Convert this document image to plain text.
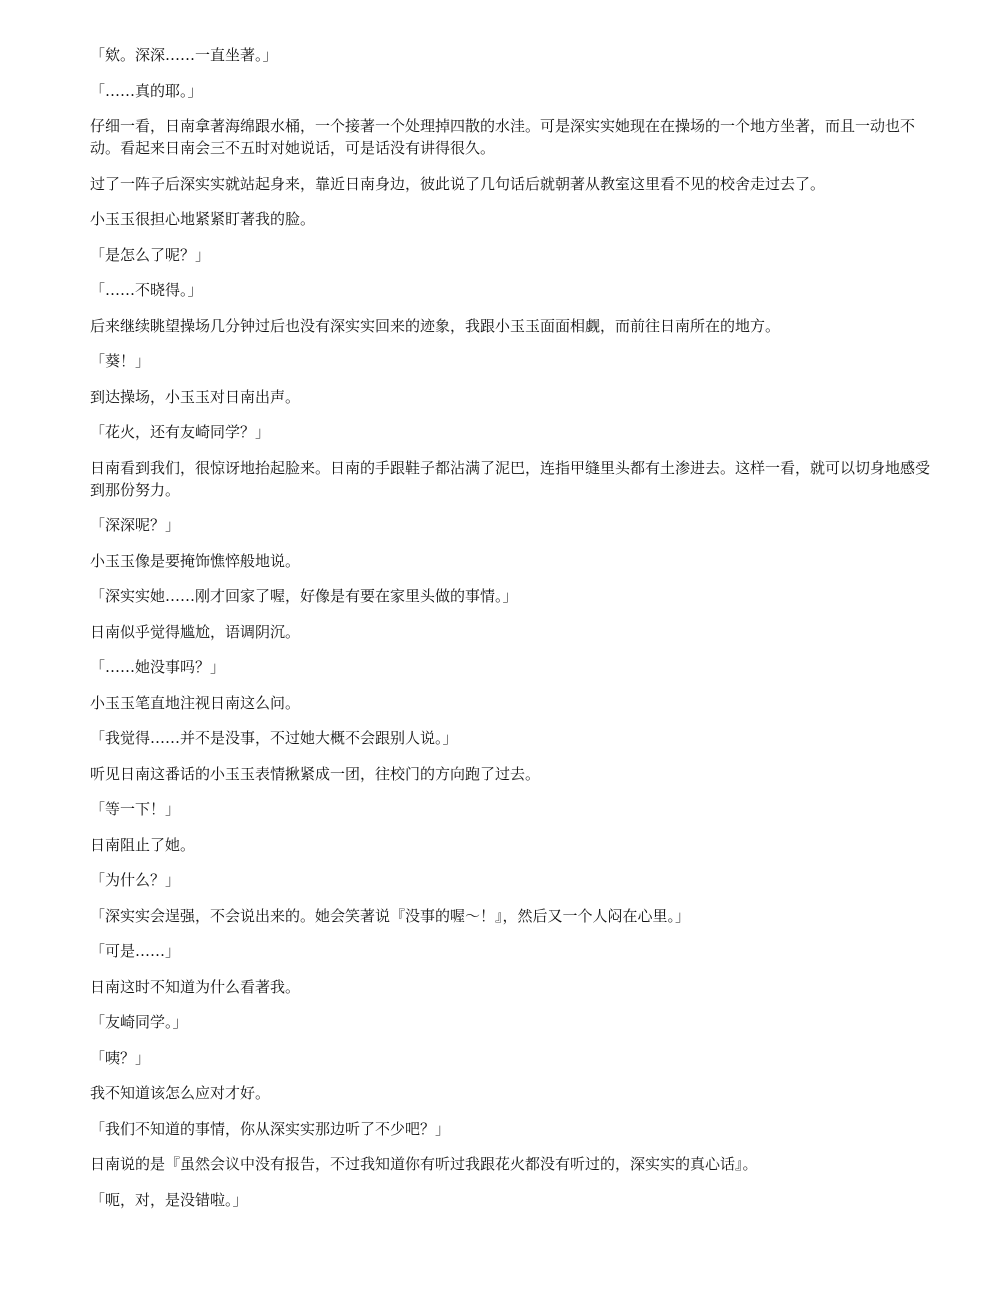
「欸。深深……一直坐著。」

「……真的耶。」

仔细一看，日南拿著海绵跟水桶，一个接著一个处理掉四散的水洼。可是深实实她现在在操场的一个地方坐著，而且一动也不动。看起来日南会三不五时对她说话，可是话没有讲得很久。

过了一阵子后深实实就站起身来，靠近日南身边，彼此说了几句话后就朝著从教室这里看不见的校舍走过去了。

小玉玉很担心地紧紧盯著我的脸。

「是怎么了呢？」

「……不晓得。」

后来继续眺望操场几分钟过后也没有深实实回来的迹象，我跟小玉玉面面相觑，而前往日南所在的地方。

「葵！」

到达操场，小玉玉对日南出声。

「花火，还有友崎同学？」

日南看到我们，很惊讶地抬起脸来。日南的手跟鞋子都沾满了泥巴，连指甲缝里头都有土渗进去。这样一看，就可以切身地感受到那份努力。

「深深呢？」

小玉玉像是要掩饰憔悴般地说。

「深实实她……刚才回家了喔，好像是有要在家里头做的事情。」

日南似乎觉得尴尬，语调阴沉。

「……她没事吗？」

小玉玉笔直地注视日南这么问。

「我觉得……并不是没事，不过她大概不会跟别人说。」

听见日南这番话的小玉玉表情揪紧成一团，往校门的方向跑了过去。

「等一下！」

日南阻止了她。

「为什么？」

「深实实会逞强，不会说出来的。她会笑著说『没事的喔～！』，然后又一个人闷在心里。」

「可是……」

日南这时不知道为什么看著我。

「友崎同学。」

「咦？」

我不知道该怎么应对才好。

「我们不知道的事情，你从深实实那边听了不少吧？」

日南说的是『虽然会议中没有报告，不过我知道你有听过我跟花火都没有听过的，深实实的真心话』。

「呃，对，是没错啦。」
